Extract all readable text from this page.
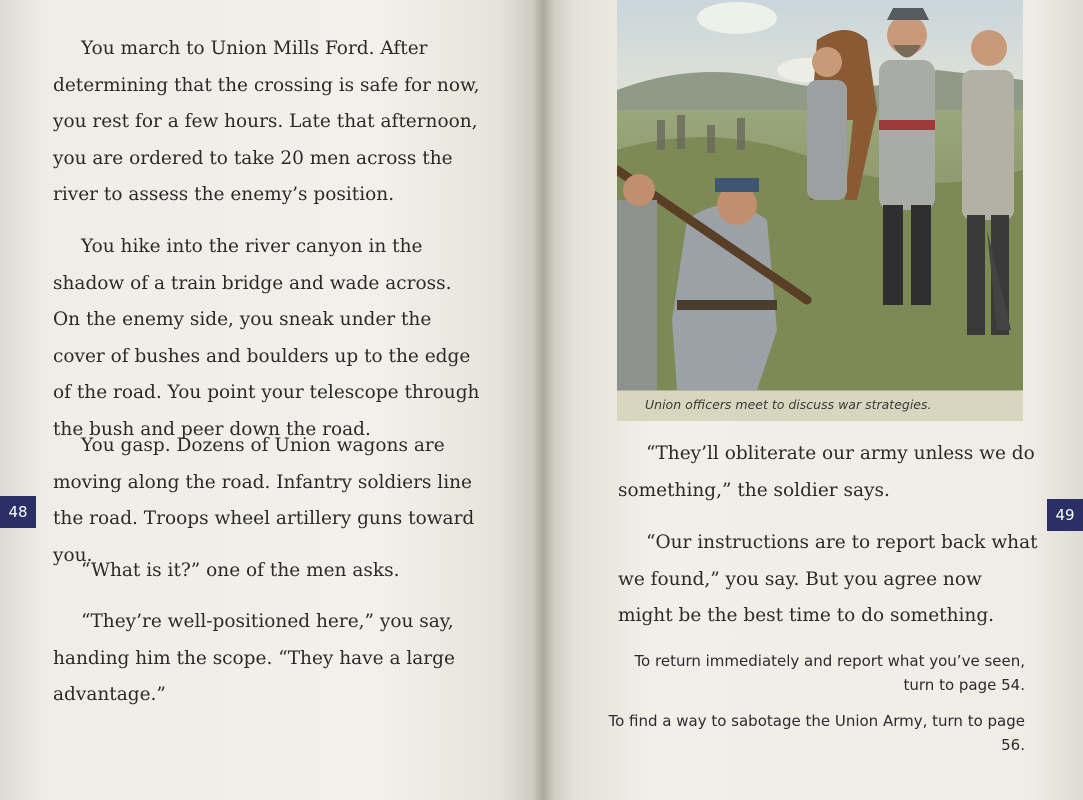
You march to Union Mills Ford. After determining that the crossing is safe for now, you rest for a few hours. Late that afternoon, you are ordered to take 20 men across the river to assess the enemy’s position.

You hike into the river canyon in the shadow of a train bridge and wade across. On the enemy side, you sneak under the cover of bushes and boulders up to the edge of the road. You point your telescope through the bush and peer down the road.

You gasp. Dozens of Union wagons are moving along the road. Infantry soldiers line the road. Troops wheel artillery guns toward you.

“What is it?” one of the men asks.

“They’re well-positioned here,” you say, handing him the scope. “They have a large advantage.”

48
Union officers meet to discuss war strategies.

“They’ll obliterate our army unless we do something,” the soldier says.

“Our instructions are to report back what we found,” you say. But you agree now might be the best time to do something.

49

To return immediately and report what you’ve seen, turn to page 54.

To find a way to sabotage the Union Army, turn to page 56.
